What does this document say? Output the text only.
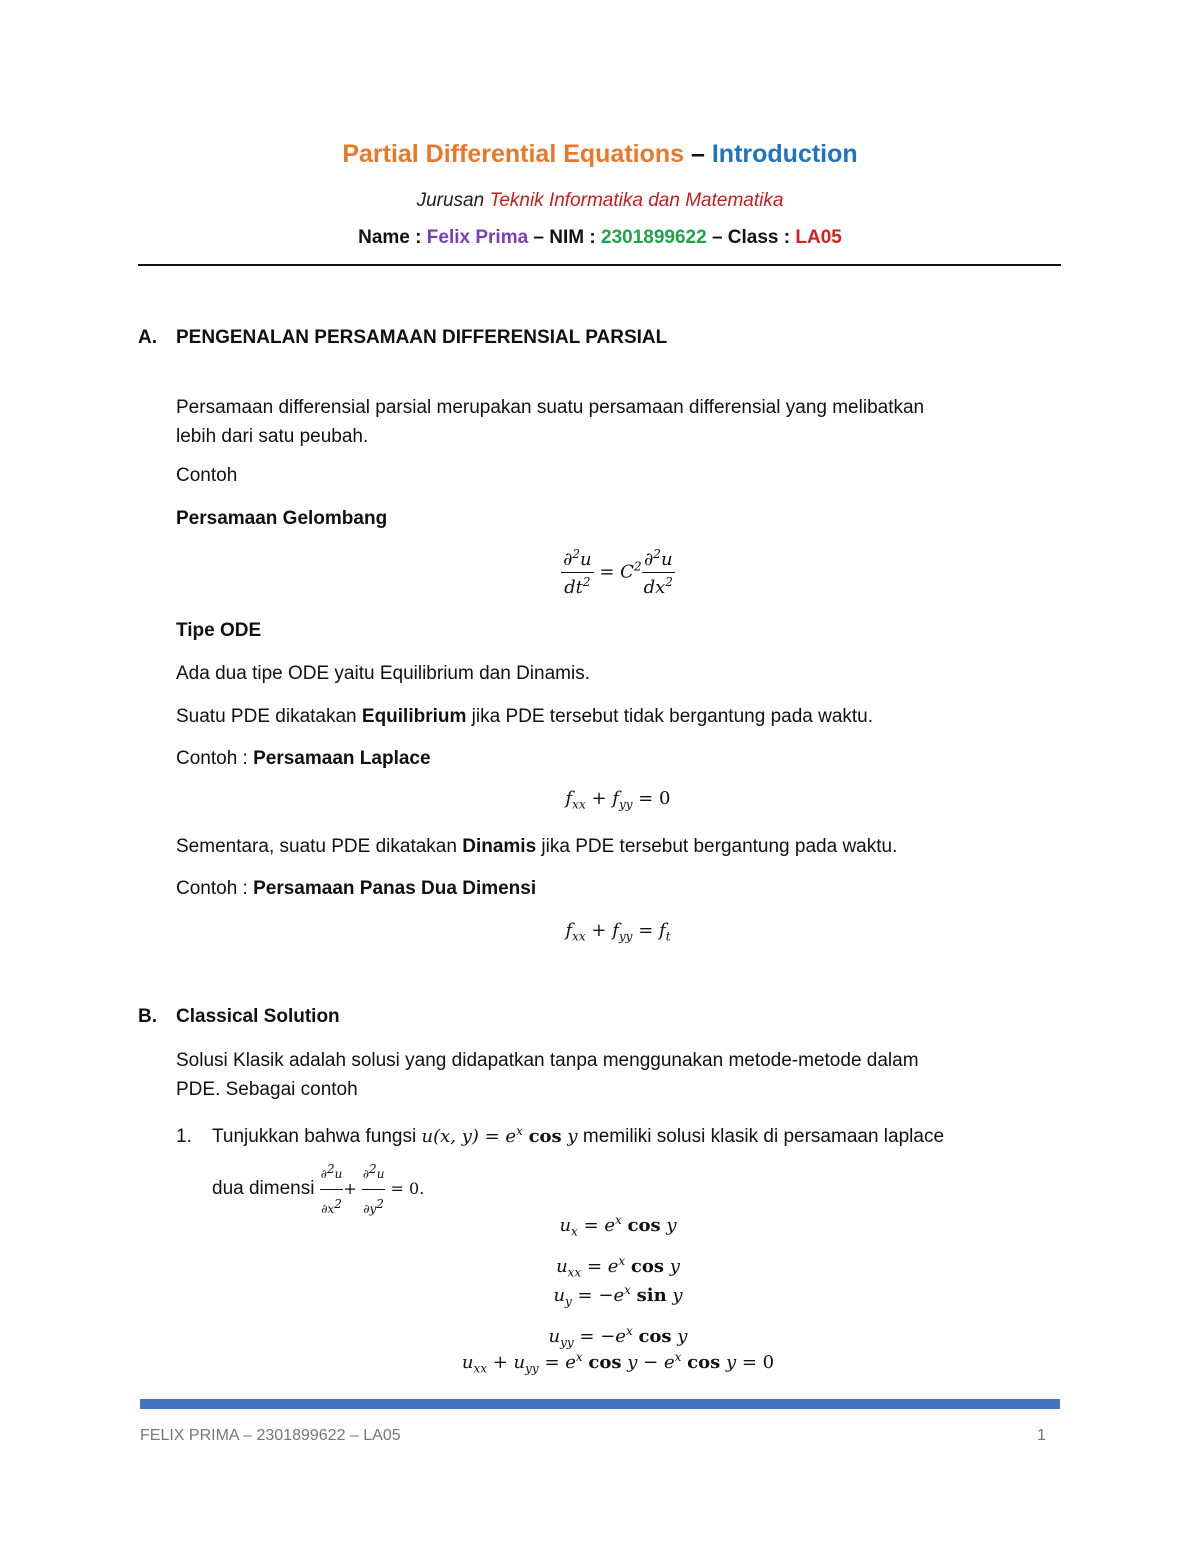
Partial Differential Equations – Introduction
Jurusan Teknik Informatika dan Matematika
Name : Felix Prima – NIM : 2301899622 – Class : LA05
A. PENGENALAN PERSAMAAN DIFFERENSIAL PARSIAL
Persamaan differensial parsial merupakan suatu persamaan differensial yang melibatkan
lebih dari satu peubah.
Contoh
Persamaan Gelombang
$\frac{\partial^2u}{dt^2} = C^2 \frac{\partial^2u}{dx^2}$
Tipe ODE
Ada dua tipe ODE yaitu Equilibrium dan Dinamis.
Suatu PDE dikatakan Equilibrium jika PDE tersebut tidak bergantung pada waktu.
Contoh : Persamaan Laplace
$f_{xx} + f_{yy} = 0$
Sementara, suatu PDE dikatakan Dinamis jika PDE tersebut bergantung pada waktu.
Contoh : Persamaan Panas Dua Dimensi
$f_{xx} + f_{yy} = f_t$
B. Classical Solution
Solusi Klasik adalah solusi yang didapatkan tanpa menggunakan metode-metode dalam
PDE. Sebagai contoh
1. Tunjukkan bahwa fungsi u(x, $y) = e^x$ cos y memiliki solusi klasik di persamaan laplace
dua dimensi $\frac{\partial^2u}{\partial x^2} + \frac{\partial^2u}{\partial y^2} = 0$.
$u_x = e^x$ cos y
$u_{xx} = e^x$ cos y
$u_y = -e^x$ sin y
$u_{yy} = -e^x$ cos y
$u_{xx} + u_{yy} = e^x$ $\cos y - e^x$ cos y = 0
FELIX PRIMA – 2301899622 – LA05	1
